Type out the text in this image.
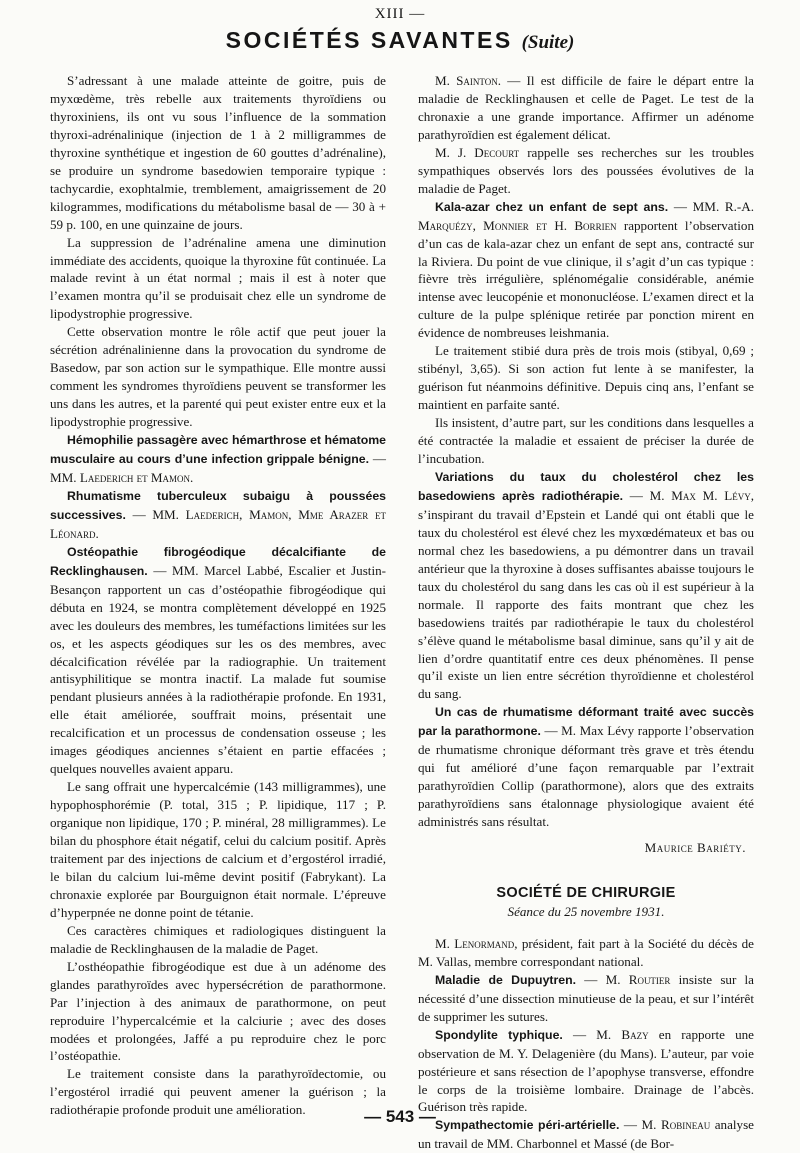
XIII —
SOCIÉTÉS SAVANTES (Suite)

S’adressant à une malade atteinte de goitre, puis de myxœdème, très rebelle aux traitements thyroïdiens ou thyroxiniens, ils ont vu sous l’influence de la sommation thyroxi-adrénalinique (injection de 1 à 2 milligrammes de thyroxine synthétique et ingestion de 60 gouttes d’adrénaline), se produire un syndrome basedowien temporaire typique : tachycardie, exophtalmie, tremblement, amaigrissement de 20 kilogrammes, modifications du métabolisme basal de — 30 à + 59 p. 100, en une quinzaine de jours.

La suppression de l’adrénaline amena une diminution immédiate des accidents, quoique la thyroxine fût continuée. La malade revint à un état normal ; mais il est à noter que l’examen montra qu’il se produisait chez elle un syndrome de lipodystrophie progressive.

Cette observation montre le rôle actif que peut jouer la sécrétion adrénalinienne dans la provocation du syndrome de Basedow, par son action sur le sympathique. Elle montre aussi comment les syndromes thyroïdiens peuvent se transformer les uns dans les autres, et la parenté qui peut exister entre eux et la lipodystrophie progressive.

Hémophilie passagère avec hémarthrose et hématome musculaire au cours d’une infection grippale bénigne. — MM. Laederich et Mamon.

Rhumatisme tuberculeux subaigu à poussées successives. — MM. Laederich, Mamon, Mme Arazer et Léonard.

Ostéopathie fibrogéodique décalcifiante de Recklinghausen. — MM. Marcel Labbé, Escalier et Justin-Besançon rapportent un cas d’ostéopathie fibrogéodique qui débuta en 1924, se montra complètement développé en 1925 avec les douleurs des membres, les tuméfactions limitées sur les os, et les aspects géodiques sur les os des membres, avec décalcification révélée par la radiographie. Un traitement antisyphilitique se montra inactif. La malade fut soumise pendant plusieurs années à la radiothérapie profonde. En 1931, elle était améliorée, souffrait moins, présentait une recalcification et un processus de condensation osseuse ; les images géodiques anciennes s’étaient en partie effacées ; quelques nouvelles avaient apparu.

Le sang offrait une hypercalcémie (143 milligrammes), une hypophosphorémie (P. total, 315 ; P. lipidique, 117 ; P. organique non lipidique, 170 ; P. minéral, 28 milligrammes). Le bilan du phosphore était négatif, celui du calcium positif. Après traitement par des injections de calcium et d’ergostérol irradié, le bilan du calcium lui-même devint positif (Fabrykant). La chronaxie explorée par Bourguignon était normale. L’épreuve d’hyperpnée ne donne point de tétanie.

Ces caractères chimiques et radiologiques distinguent la maladie de Recklinghausen de la maladie de Paget.

L’osthéopathie fibrogéodique est due à un adénome des glandes parathyroïdes avec hypersécrétion de parathormone. Par l’injection à des animaux de parathormone, on peut reproduire l’hypercalcémie et la calciurie ; avec des doses modées et prolongées, Jaffé a pu reproduire chez le porc l’ostéopathie.

Le traitement consiste dans la parathyroïdectomie, ou l’ergostérol irradié qui peuvent amener la guérison ; la radiothérapie profonde produit une amélioration.

M. Sainton. — Il est difficile de faire le départ entre la maladie de Recklinghausen et celle de Paget. Le test de la chronaxie a une grande importance. Affirmer un adénome parathyroïdien est également délicat.

M. J. Decourt rappelle ses recherches sur les troubles sympathiques observés lors des poussées évolutives de la maladie de Paget.

Kala-azar chez un enfant de sept ans. — MM. R.-A. Marquézy, Monnier et H. Borrien rapportent l’observation d’un cas de kala-azar chez un enfant de sept ans, contracté sur la Riviera. Du point de vue clinique, il s’agit d’un cas typique : fièvre très irrégulière, splénomégalie considérable, anémie intense avec leucopénie et mononucléose. L’examen direct et la culture de la pulpe splénique retirée par ponction mirent en évidence de nombreuses leishmania.

Le traitement stibié dura près de trois mois (stibyal, 0,69 ; stibényl, 3,65). Si son action fut lente à se manifester, la guérison fut néanmoins définitive. Depuis cinq ans, l’enfant se maintient en parfaite santé.

Ils insistent, d’autre part, sur les conditions dans lesquelles a été contractée la maladie et essaient de préciser la durée de l’incubation.

Variations du taux du cholestérol chez les basedowiens après radiothérapie. — M. Max M. Lévy, s’inspirant du travail d’Epstein et Landé qui ont établi que le taux du cholestérol est élevé chez les myxœdémateux et bas ou normal chez les basedowiens, a pu démontrer dans un travail antérieur que la thyroxine à doses suffisantes abaisse toujours le taux du cholestérol du sang dans les cas où il est supérieur à la normale. Il rapporte des faits montrant que chez les basedowiens traités par radiothérapie le taux du cholestérol s’élève quand le métabolisme basal diminue, sans qu’il y ait de lien d’ordre quantitatif entre ces deux phénomènes. Il pense qu’il existe un lien entre sécrétion thyroïdienne et cholestérol du sang.

Un cas de rhumatisme déformant traité avec succès par la parathormone. — M. Max Lévy rapporte l’observation de rhumatisme chronique déformant très grave et très étendu qui fut amélioré d’une façon remarquable par l’extrait parathyroïdien Collip (parathormone), alors que des extraits parathyroïdiens sans étalonnage physiologique avaient été administrés sans résultat.

Maurice Bariéty.
SOCIÉTÉ DE CHIRURGIE
Séance du 25 novembre 1931.

M. Lenormand, président, fait part à la Société du décès de M. Vallas, membre correspondant national.

Maladie de Dupuytren. — M. Routier insiste sur la nécessité d’une dissection minutieuse de la peau, et sur l’intérêt de supprimer les sutures.

Spondylite typhique. — M. Bazy en rapporte une observation de M. Y. Delagenière (du Mans). L’auteur, par voie postérieure et sans résection de l’apophyse transverse, effondre le corps de la troisième lombaire. Drainage de l’abcès. Guérison très rapide.

Sympathectomie péri-artérielle. — M. Robineau analyse un travail de MM. Charbonnel et Massé (de Bor-

— 543 —
